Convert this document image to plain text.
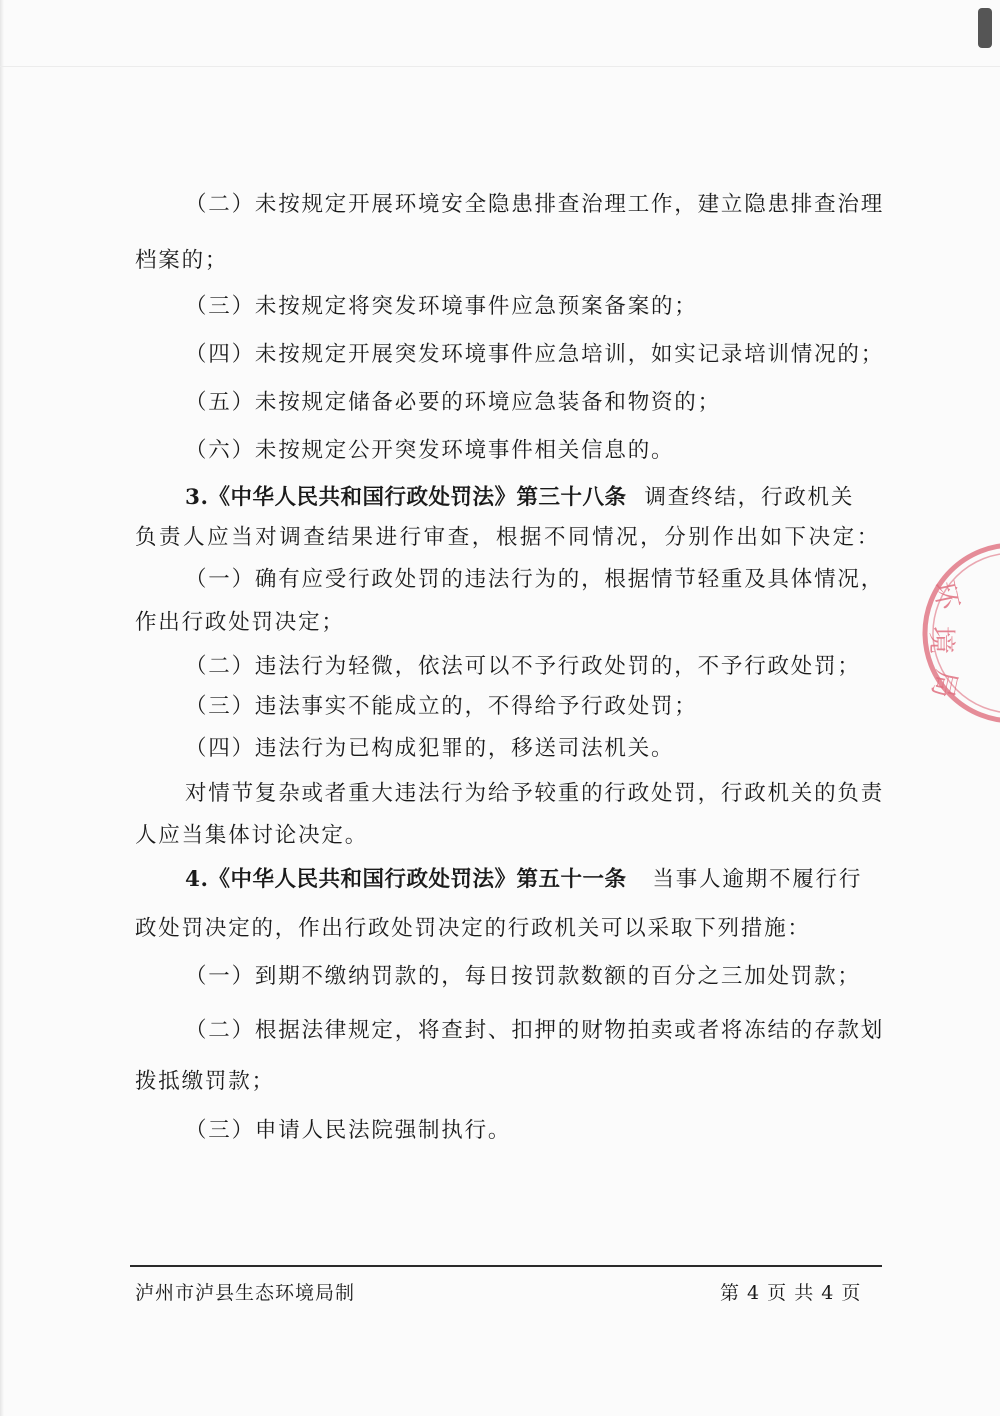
（二）未按规定开展环境安全隐患排查治理工作，建立隐患排查治理
档案的；
（三）未按规定将突发环境事件应急预案备案的；
（四）未按规定开展突发环境事件应急培训，如实记录培训情况的；
（五）未按规定储备必要的环境应急装备和物资的；
（六）未按规定公开突发环境事件相关信息的。
3.《中华人民共和国行政处罚法》第三十八条 调查终结，行政机关
负责人应当对调查结果进行审查，根据不同情况，分别作出如下决定：
（一）确有应受行政处罚的违法行为的，根据情节轻重及具体情况，
作出行政处罚决定；
（二）违法行为轻微，依法可以不予行政处罚的，不予行政处罚；
（三）违法事实不能成立的，不得给予行政处罚；
（四）违法行为已构成犯罪的，移送司法机关。
对情节复杂或者重大违法行为给予较重的行政处罚，行政机关的负责
人应当集体讨论决定。
4.《中华人民共和国行政处罚法》第五十一条 当事人逾期不履行行
政处罚决定的，作出行政处罚决定的行政机关可以采取下列措施：
（一）到期不缴纳罚款的，每日按罚款数额的百分之三加处罚款；
（二）根据法律规定，将查封、扣押的财物拍卖或者将冻结的存款划
拨抵缴罚款；
（三）申请人民法院强制执行。
环
境
局
泸州市泸县生态环境局制	第 4 页 共 4 页
